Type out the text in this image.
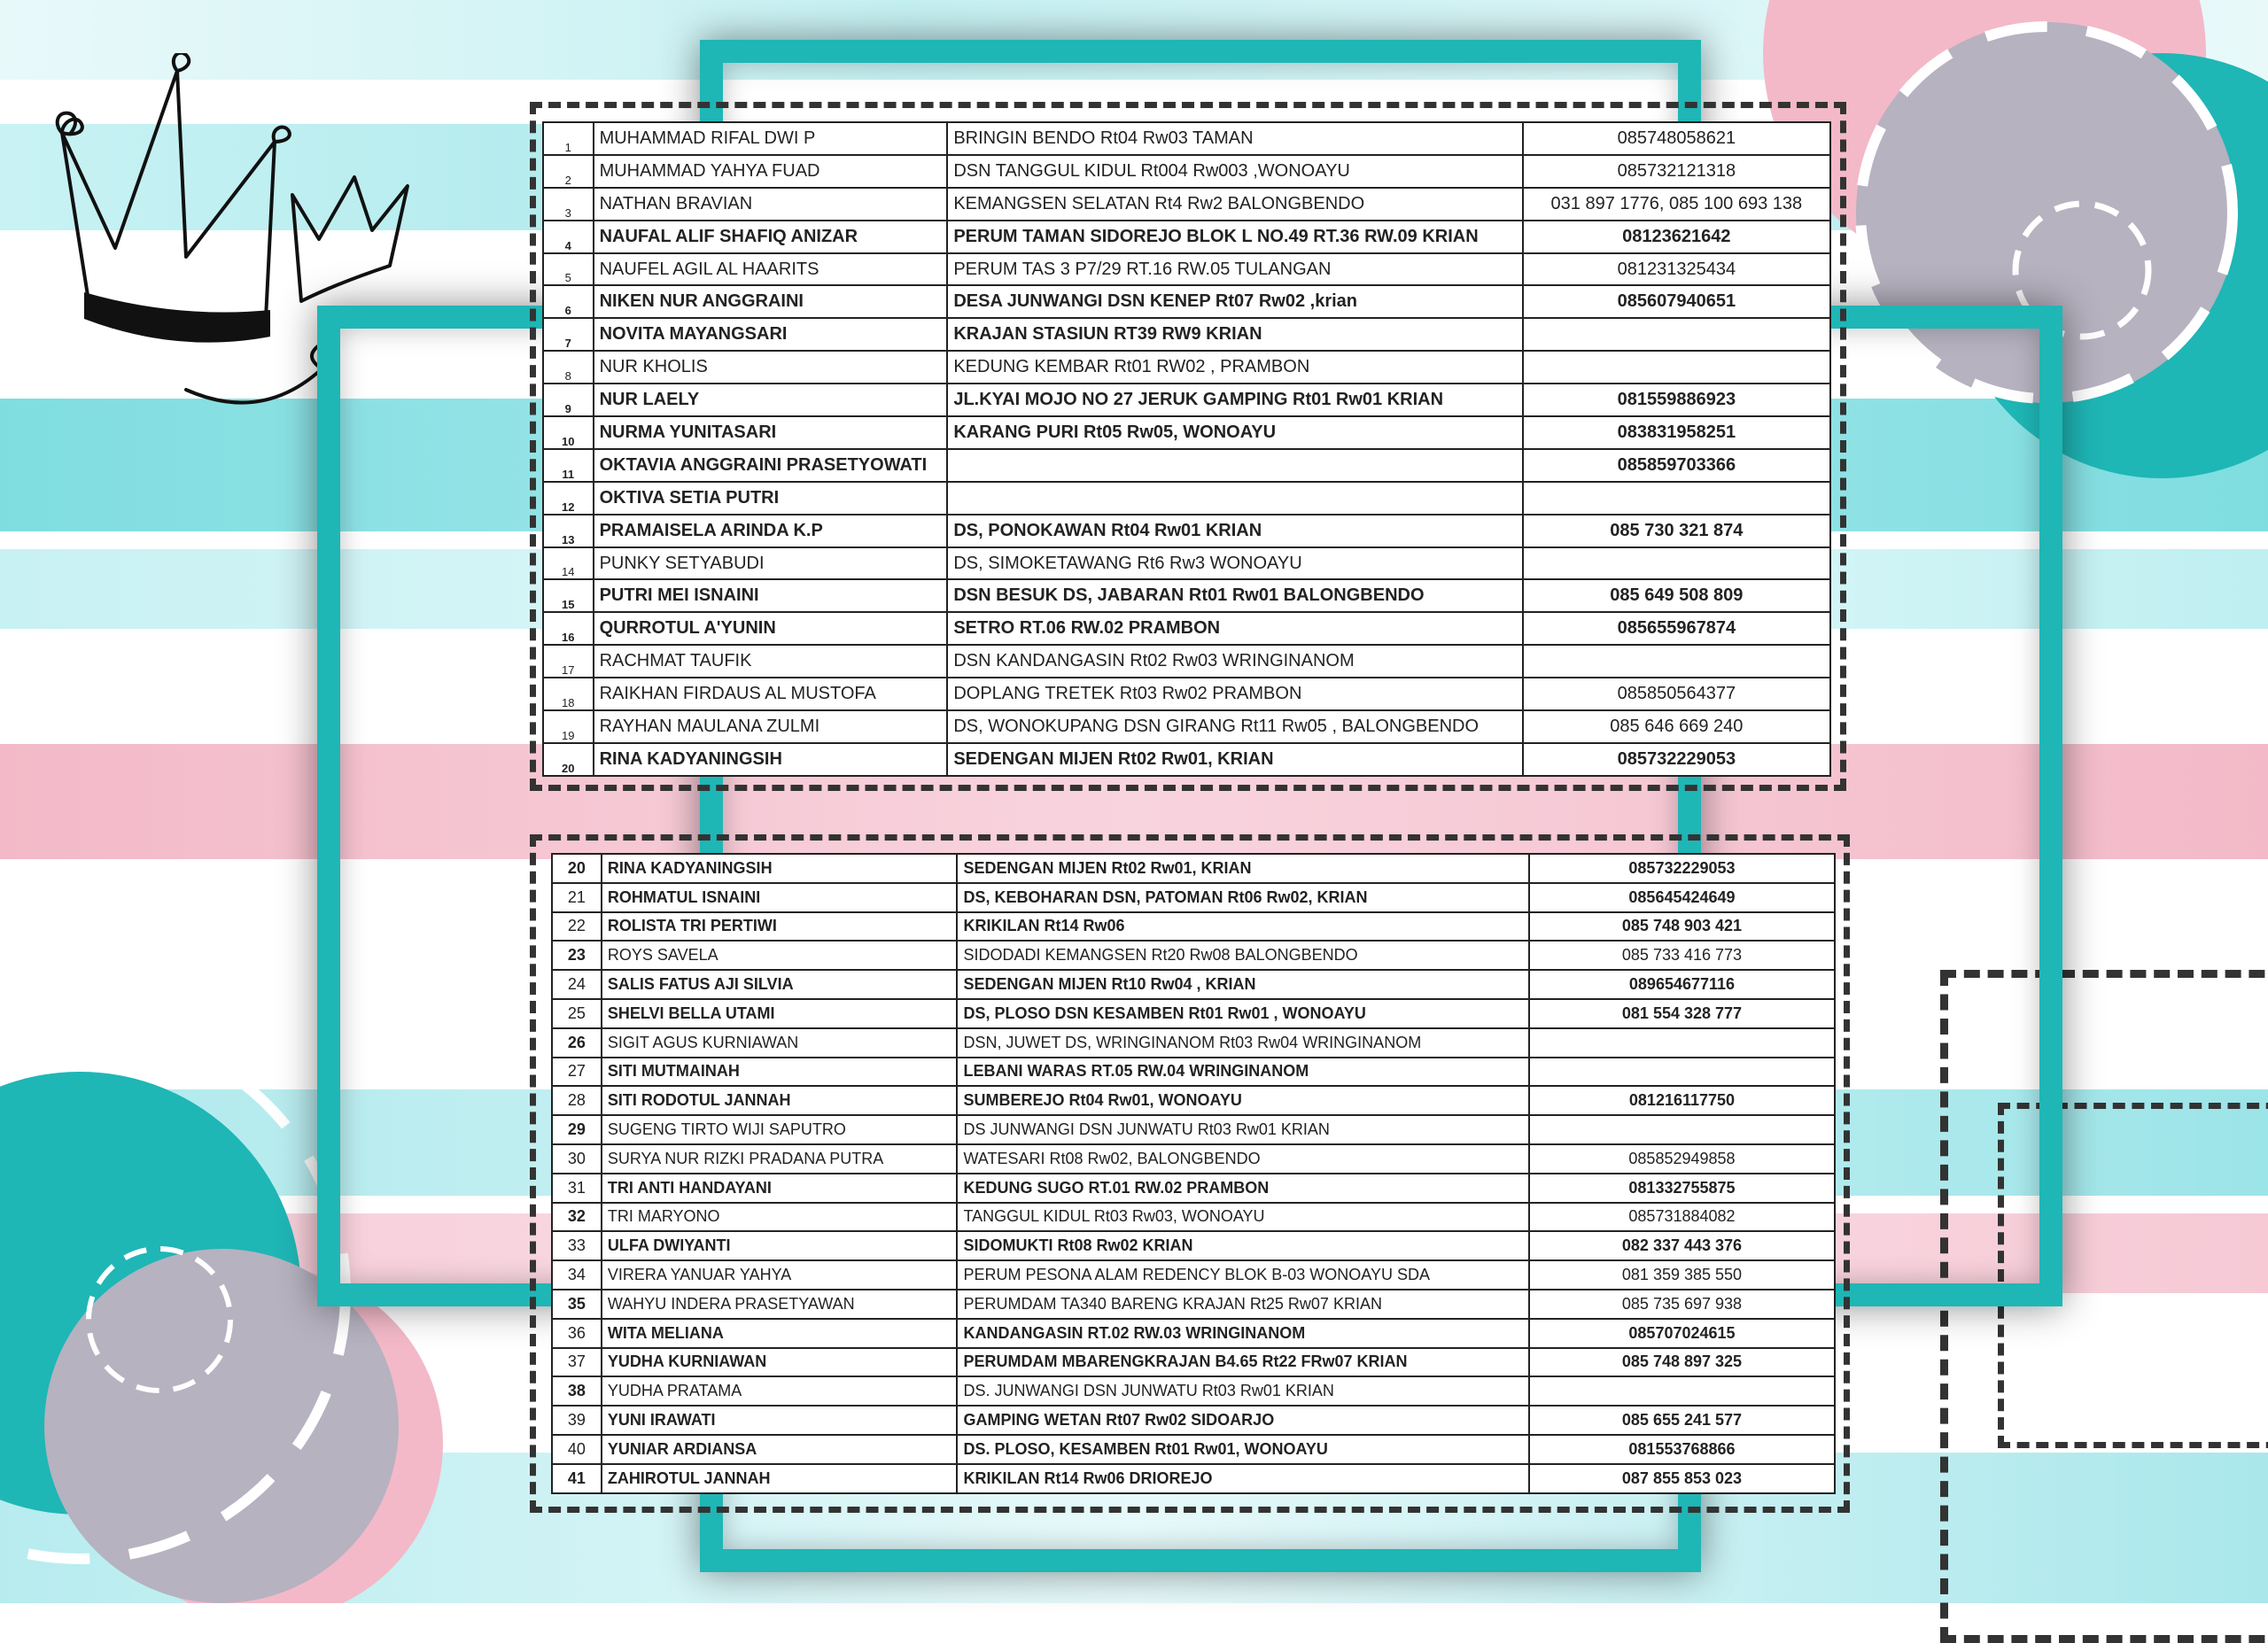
1	MUHAMMAD RIFAL DWI P	BRINGIN BENDO Rt04 Rw03 TAMAN	085748058621
2	MUHAMMAD YAHYA FUAD	DSN TANGGUL KIDUL Rt004 Rw003 ,WONOAYU	085732121318
3	NATHAN BRAVIAN	KEMANGSEN SELATAN Rt4 Rw2 BALONGBENDO	031 897 1776, 085 100 693 138
4	NAUFAL ALIF SHAFIQ ANIZAR	PERUM TAMAN SIDOREJO BLOK L NO.49 RT.36 RW.09 KRIAN	08123621642
5	NAUFEL AGIL AL HAARITS	PERUM TAS 3 P7/29 RT.16 RW.05 TULANGAN	081231325434
6	NIKEN NUR ANGGRAINI	DESA JUNWANGI DSN KENEP Rt07 Rw02 ,krian	085607940651
7	NOVITA MAYANGSARI	KRAJAN STASIUN RT39 RW9 KRIAN	
8	NUR KHOLIS	KEDUNG KEMBAR Rt01 RW02 , PRAMBON	
9	NUR LAELY	JL.KYAI MOJO NO 27 JERUK GAMPING Rt01 Rw01 KRIAN	081559886923
10	NURMA YUNITASARI	KARANG PURI Rt05 Rw05, WONOAYU	083831958251
11	OKTAVIA ANGGRAINI PRASETYOWATI		085859703366
12	OKTIVA SETIA PUTRI		
13	PRAMAISELA ARINDA K.P	DS, PONOKAWAN Rt04 Rw01 KRIAN	085 730 321 874
14	PUNKY SETYABUDI	DS, SIMOKETAWANG Rt6 Rw3 WONOAYU	
15	PUTRI MEI ISNAINI	DSN BESUK DS, JABARAN Rt01 Rw01 BALONGBENDO	085 649 508 809
16	QURROTUL A'YUNIN	SETRO RT.06 RW.02 PRAMBON	085655967874
17	RACHMAT TAUFIK	DSN KANDANGASIN Rt02 Rw03 WRINGINANOM	
18	RAIKHAN FIRDAUS AL MUSTOFA	DOPLANG TRETEK Rt03 Rw02 PRAMBON	085850564377
19	RAYHAN MAULANA ZULMI	DS, WONOKUPANG DSN GIRANG Rt11 Rw05 , BALONGBENDO	085 646 669 240
20	RINA KADYANINGSIH	SEDENGAN MIJEN Rt02 Rw01, KRIAN	085732229053
20	RINA KADYANINGSIH	SEDENGAN MIJEN Rt02 Rw01, KRIAN	085732229053
21	ROHMATUL ISNAINI	DS, KEBOHARAN DSN, PATOMAN Rt06 Rw02, KRIAN	085645424649
22	ROLISTA TRI PERTIWI	KRIKILAN Rt14 Rw06	085 748 903 421
23	ROYS SAVELA	SIDODADI KEMANGSEN Rt20 Rw08 BALONGBENDO	085 733 416 773
24	SALIS FATUS AJI SILVIA	SEDENGAN MIJEN Rt10 Rw04 , KRIAN	089654677116
25	SHELVI BELLA UTAMI	DS, PLOSO DSN KESAMBEN Rt01 Rw01 , WONOAYU	081 554 328 777
26	SIGIT AGUS KURNIAWAN	DSN, JUWET DS, WRINGINANOM Rt03 Rw04 WRINGINANOM	
27	SITI MUTMAINAH	LEBANI WARAS RT.05 RW.04 WRINGINANOM	
28	SITI RODOTUL JANNAH	SUMBEREJO Rt04 Rw01, WONOAYU	081216117750
29	SUGENG TIRTO WIJI SAPUTRO	DS JUNWANGI DSN JUNWATU Rt03 Rw01 KRIAN	
30	SURYA NUR RIZKI PRADANA PUTRA	WATESARI Rt08 Rw02, BALONGBENDO	085852949858
31	TRI ANTI HANDAYANI	KEDUNG SUGO RT.01 RW.02 PRAMBON	081332755875
32	TRI MARYONO	TANGGUL KIDUL Rt03 Rw03, WONOAYU	085731884082
33	ULFA DWIYANTI	SIDOMUKTI Rt08 Rw02 KRIAN	082 337 443 376
34	VIRERA YANUAR YAHYA	PERUM PESONA ALAM REDENCY BLOK B-03 WONOAYU SDA	081 359 385 550
35	WAHYU INDERA PRASETYAWAN	PERUMDAM TA340 BARENG KRAJAN Rt25 Rw07 KRIAN	085 735 697 938
36	WITA MELIANA	KANDANGASIN RT.02 RW.03 WRINGINANOM	085707024615
37	YUDHA KURNIAWAN	PERUMDAM MBARENGKRAJAN B4.65 Rt22 FRw07 KRIAN	085 748 897 325
38	YUDHA PRATAMA	DS. JUNWANGI DSN JUNWATU Rt03 Rw01 KRIAN	
39	YUNI IRAWATI	GAMPING WETAN Rt07 Rw02 SIDOARJO	085 655 241 577
40	YUNIAR ARDIANSA	DS. PLOSO, KESAMBEN Rt01 Rw01, WONOAYU	081553768866
41	ZAHIROTUL JANNAH	KRIKILAN Rt14 Rw06 DRIOREJO	087 855 853 023
